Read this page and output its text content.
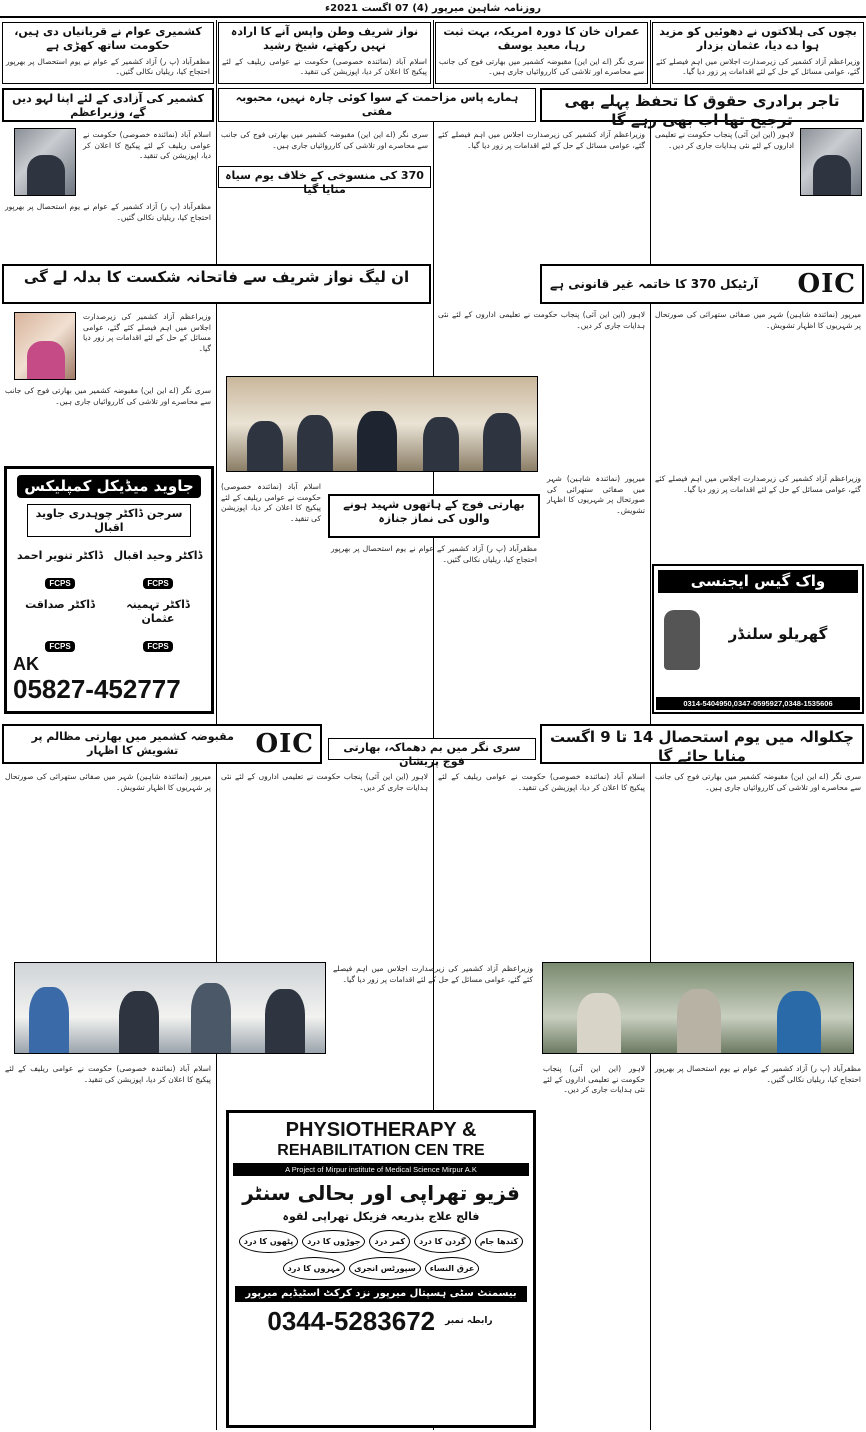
روزنامہ شاہین میرپور (4) 07 اگست 2021ء
بچوں کی ہلاکتوں نے دھوئیں کو مزید ہوا دے دیا، عثمان بزدار
وزیراعظم آزاد کشمیر کی زیرصدارت اجلاس میں اہم فیصلے کئے گئے، عوامی مسائل کے حل کے لئے اقدامات پر زور دیا گیا۔
عمران خان کا دورہ امریکہ، بہت ثبت رہا، معید یوسف
سری نگر (اے این این) مقبوضہ کشمیر میں بھارتی فوج کی جانب سے محاصرے اور تلاشی کی کارروائیاں جاری ہیں۔
نواز شریف وطن واپس آنے کا ارادہ نہیں رکھتے، شیخ رشید
اسلام آباد (نمائندہ خصوصی) حکومت نے عوامی ریلیف کے لئے پیکیج کا اعلان کر دیا، اپوزیشن کی تنقید۔
کشمیری عوام نے قربانیاں دی ہیں، حکومت ساتھ کھڑی ہے
مظفرآباد (پ ر) آزاد کشمیر کے عوام نے یوم استحصال پر بھرپور احتجاج کیا، ریلیاں نکالی گئیں۔
تاجر برادری حقوق کا تحفظ پہلے بھی ترجیح تھا اب بھی رہے گا
ہمارے پاس مزاحمت کے سوا کوئی چارہ نہیں، محبوبہ مفتی
کشمیر کی آزادی کے لئے اپنا لہو دیں گے، وزیراعظم
لاہور (این این آئی) پنجاب حکومت نے تعلیمی اداروں کے لئے نئی ہدایات جاری کر دیں۔
وزیراعظم آزاد کشمیر کی زیرصدارت اجلاس میں اہم فیصلے کئے گئے، عوامی مسائل کے حل کے لئے اقدامات پر زور دیا گیا۔
سری نگر (اے این این) مقبوضہ کشمیر میں بھارتی فوج کی جانب سے محاصرے اور تلاشی کی کارروائیاں جاری ہیں۔
اسلام آباد (نمائندہ خصوصی) حکومت نے عوامی ریلیف کے لئے پیکیج کا اعلان کر دیا، اپوزیشن کی تنقید۔
مظفرآباد (پ ر) آزاد کشمیر کے عوام نے یوم استحصال پر بھرپور احتجاج کیا، ریلیاں نکالی گئیں۔
370 کی منسوخی کے خلاف یوم سیاہ منایا گیا
OIC
آرٹیکل 370 کا خاتمہ غیر قانونی ہے
ان لیگ نواز شریف سے فاتحانہ شکست کا بدلہ لے گی
میرپور (نمائندہ شاہین) شہر میں صفائی ستھرائی کی صورتحال پر شہریوں کا اظہار تشویش۔
لاہور (این این آئی) پنجاب حکومت نے تعلیمی اداروں کے لئے نئی ہدایات جاری کر دیں۔
وزیراعظم آزاد کشمیر کی زیرصدارت اجلاس میں اہم فیصلے کئے گئے، عوامی مسائل کے حل کے لئے اقدامات پر زور دیا گیا۔
سری نگر (اے این این) مقبوضہ کشمیر میں بھارتی فوج کی جانب سے محاصرے اور تلاشی کی کارروائیاں جاری ہیں۔
جاوید میڈیکل کمپلیکس
سرجن ڈاکٹر چوہدری جاوید اقبال
ڈاکٹر وحید اقبال
ڈاکٹر تنویر احمد
FCPS
FCPS
ڈاکٹر تہمینہ عثمان
ڈاکٹر صداقت
FCPS
FCPS
AK
05827-452777
بھارتی فوج کے ہاتھوں شہید ہونے والوں کی نماز جنازہ
اسلام آباد (نمائندہ خصوصی) حکومت نے عوامی ریلیف کے لئے پیکیج کا اعلان کر دیا، اپوزیشن کی تنقید۔
مظفرآباد (پ ر) آزاد کشمیر کے عوام نے یوم استحصال پر بھرپور احتجاج کیا، ریلیاں نکالی گئیں۔
وزیراعظم آزاد کشمیر کی زیرصدارت اجلاس میں اہم فیصلے کئے گئے، عوامی مسائل کے حل کے لئے اقدامات پر زور دیا گیا۔
میرپور (نمائندہ شاہین) شہر میں صفائی ستھرائی کی صورتحال پر شہریوں کا اظہار تشویش۔
واک گیس ایجنسی
گھریلو سلنڈر
0314-5404950,0347-0595927,0348-1535606
چکلوالہ میں یوم استحصال 14 تا 9 اگست منایا جائے گا
OIC
مقبوضہ کشمیر میں بھارتی مظالم پر تشویش کا اظہار	سری نگر میں بم دھماکہ، بھارتی فوج پریشان
سری نگر (اے این این) مقبوضہ کشمیر میں بھارتی فوج کی جانب سے محاصرے اور تلاشی کی کارروائیاں جاری ہیں۔
اسلام آباد (نمائندہ خصوصی) حکومت نے عوامی ریلیف کے لئے پیکیج کا اعلان کر دیا، اپوزیشن کی تنقید۔
لاہور (این این آئی) پنجاب حکومت نے تعلیمی اداروں کے لئے نئی ہدایات جاری کر دیں۔
میرپور (نمائندہ شاہین) شہر میں صفائی ستھرائی کی صورتحال پر شہریوں کا اظہار تشویش۔
وزیراعظم آزاد کشمیر کی زیرصدارت اجلاس میں اہم فیصلے کئے گئے، عوامی مسائل کے حل کے لئے اقدامات پر زور دیا گیا۔
مظفرآباد (پ ر) آزاد کشمیر کے عوام نے یوم استحصال پر بھرپور احتجاج کیا، ریلیاں نکالی گئیں۔
لاہور (این این آئی) پنجاب حکومت نے تعلیمی اداروں کے لئے نئی ہدایات جاری کر دیں۔
اسلام آباد (نمائندہ خصوصی) حکومت نے عوامی ریلیف کے لئے پیکیج کا اعلان کر دیا، اپوزیشن کی تنقید۔
PHYSIOTHERAPY &
REHABILITATION CEN TRE
A Project of Mirpur institute of Medical Science Mirpur A.K
فزیو تھراپی اور بحالی سنٹر
فالج علاج بذریعہ فزیکل تھراپی لقوہ
کندھا جام
گردن کا درد
کمر درد
جوڑوں کا درد
پٹھوں کا درد
عرق النساء
سپورٹس انجری
مہروں کا درد
بیسمنٹ سٹی ہسپتال میرپور نزد کرکٹ اسٹیڈیم میرپور
رابطہ نمبر
0344-5283672
